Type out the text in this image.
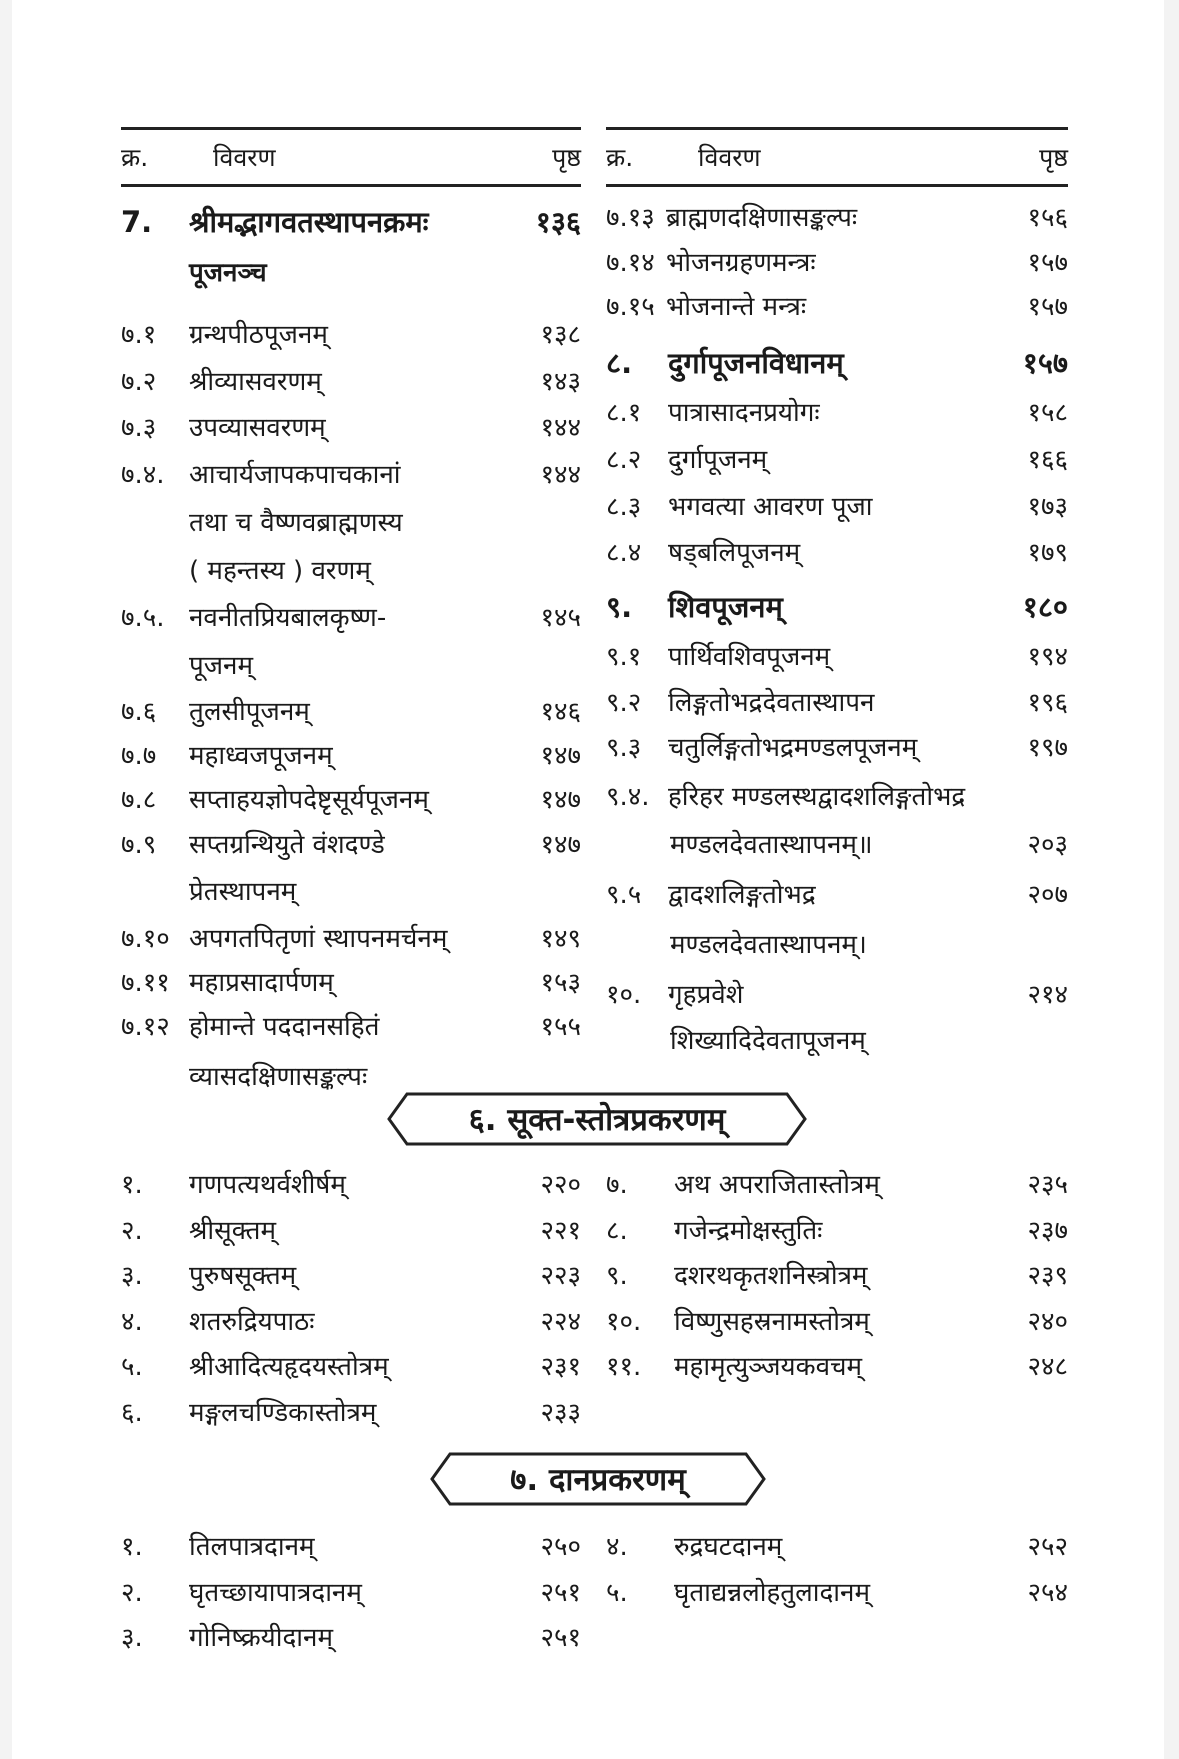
क्र.	विवरण	पृष्ठ क्र.	विवरण	पृष्ठ
7. श्रीमद्भागवतस्थापनक्रमः	१३६
पूजनञ्च
७.१ ग्रन्थपीठपूजनम्	१३८
७.२ श्रीव्यासवरणम्	१४३
७.३ उपव्यासवरणम्	१४४
७.४. आचार्यजापकपाचकानां	१४४
तथा च वैष्णवब्राह्मणस्य
( महन्तस्य ) वरणम्
७.५. नवनीतप्रियबालकृष्ण-	१४५
पूजनम्
७.६ तुलसीपूजनम्	१४६
७.७ महाध्वजपूजनम्	१४७
७.८ सप्ताहयज्ञोपदेष्टृसूर्यपूजनम्	१४७
७.९ सप्तग्रन्थियुते वंशदण्डे	१४७
प्रेतस्थापनम्
७.१० अपगतपितृणां स्थापनमर्चनम्	१४९
७.११ महाप्रसादार्पणम्	१५३
७.१२ होमान्ते पददानसहितं	१५५
व्यासदक्षिणासङ्कल्पः
७.१३ ब्राह्मणदक्षिणासङ्कल्पः	१५६
७.१४ भोजनग्रहणमन्त्रः	१५७
७.१५ भोजनान्ते मन्त्रः	१५७
८. दुर्गापूजनविधानम्	१५७
८.१ पात्रासादनप्रयोगः	१५८
८.२ दुर्गापूजनम्	१६६
८.३ भगवत्या आवरण पूजा	१७३
८.४ षड्बलिपूजनम्	१७९
९. शिवपूजनम्	१८०
९.१ पार्थिवशिवपूजनम्	१९४
९.२ लिङ्गतोभद्रदेवतास्थापन	१९६
९.३ चतुर्लिङ्गतोभद्रमण्डलपूजनम्	१९७
९.४. हरिहर मण्डलस्थद्वादशलिङ्गतोभद्र
मण्डलदेवतास्थापनम्॥	२०३
९.५ द्वादशलिङ्गतोभद्र	२०७
मण्डलदेवतास्थापनम्।
१०. गृहप्रवेशे	२१४
शिख्यादिदेवतापूजनम्
६. सूक्त-स्तोत्रप्रकरणम्
१. गणपत्यथर्वशीर्षम्	२२०
२. श्रीसूक्तम्	२२१
३. पुरुषसूक्तम्	२२३
४. शतरुद्रियपाठः	२२४
५. श्रीआदित्यहृदयस्तोत्रम्	२३१
६. मङ्गलचण्डिकास्तोत्रम्	२३३
७. अथ अपराजितास्तोत्रम्	२३५
८. गजेन्द्रमोक्षस्तुतिः	२३७
९. दशरथकृतशनिस्त्रोत्रम्	२३९
१०. विष्णुसहस्रनामस्तोत्रम्	२४०
११. महामृत्युञ्जयकवचम्	२४८
७. दानप्रकरणम्
१. तिलपात्रदानम्	२५०
२. घृतच्छायापात्रदानम्	२५१
३. गोनिष्क्रयीदानम्	२५१
४. रुद्रघटदानम्	२५२
५. घृताद्यन्नलोहतुलादानम्	२५४
